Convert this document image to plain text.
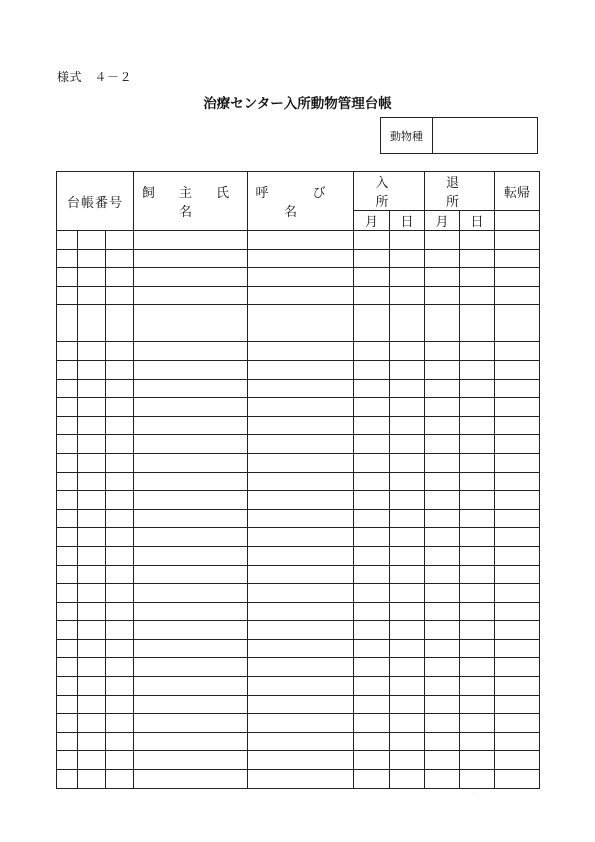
様式　４－２
治療センター入所動物管理台帳
動物種
台帳番号			飼 主 氏 名	呼 び 名	入 所		退 所		転帰
					月	日	月	日	

·
